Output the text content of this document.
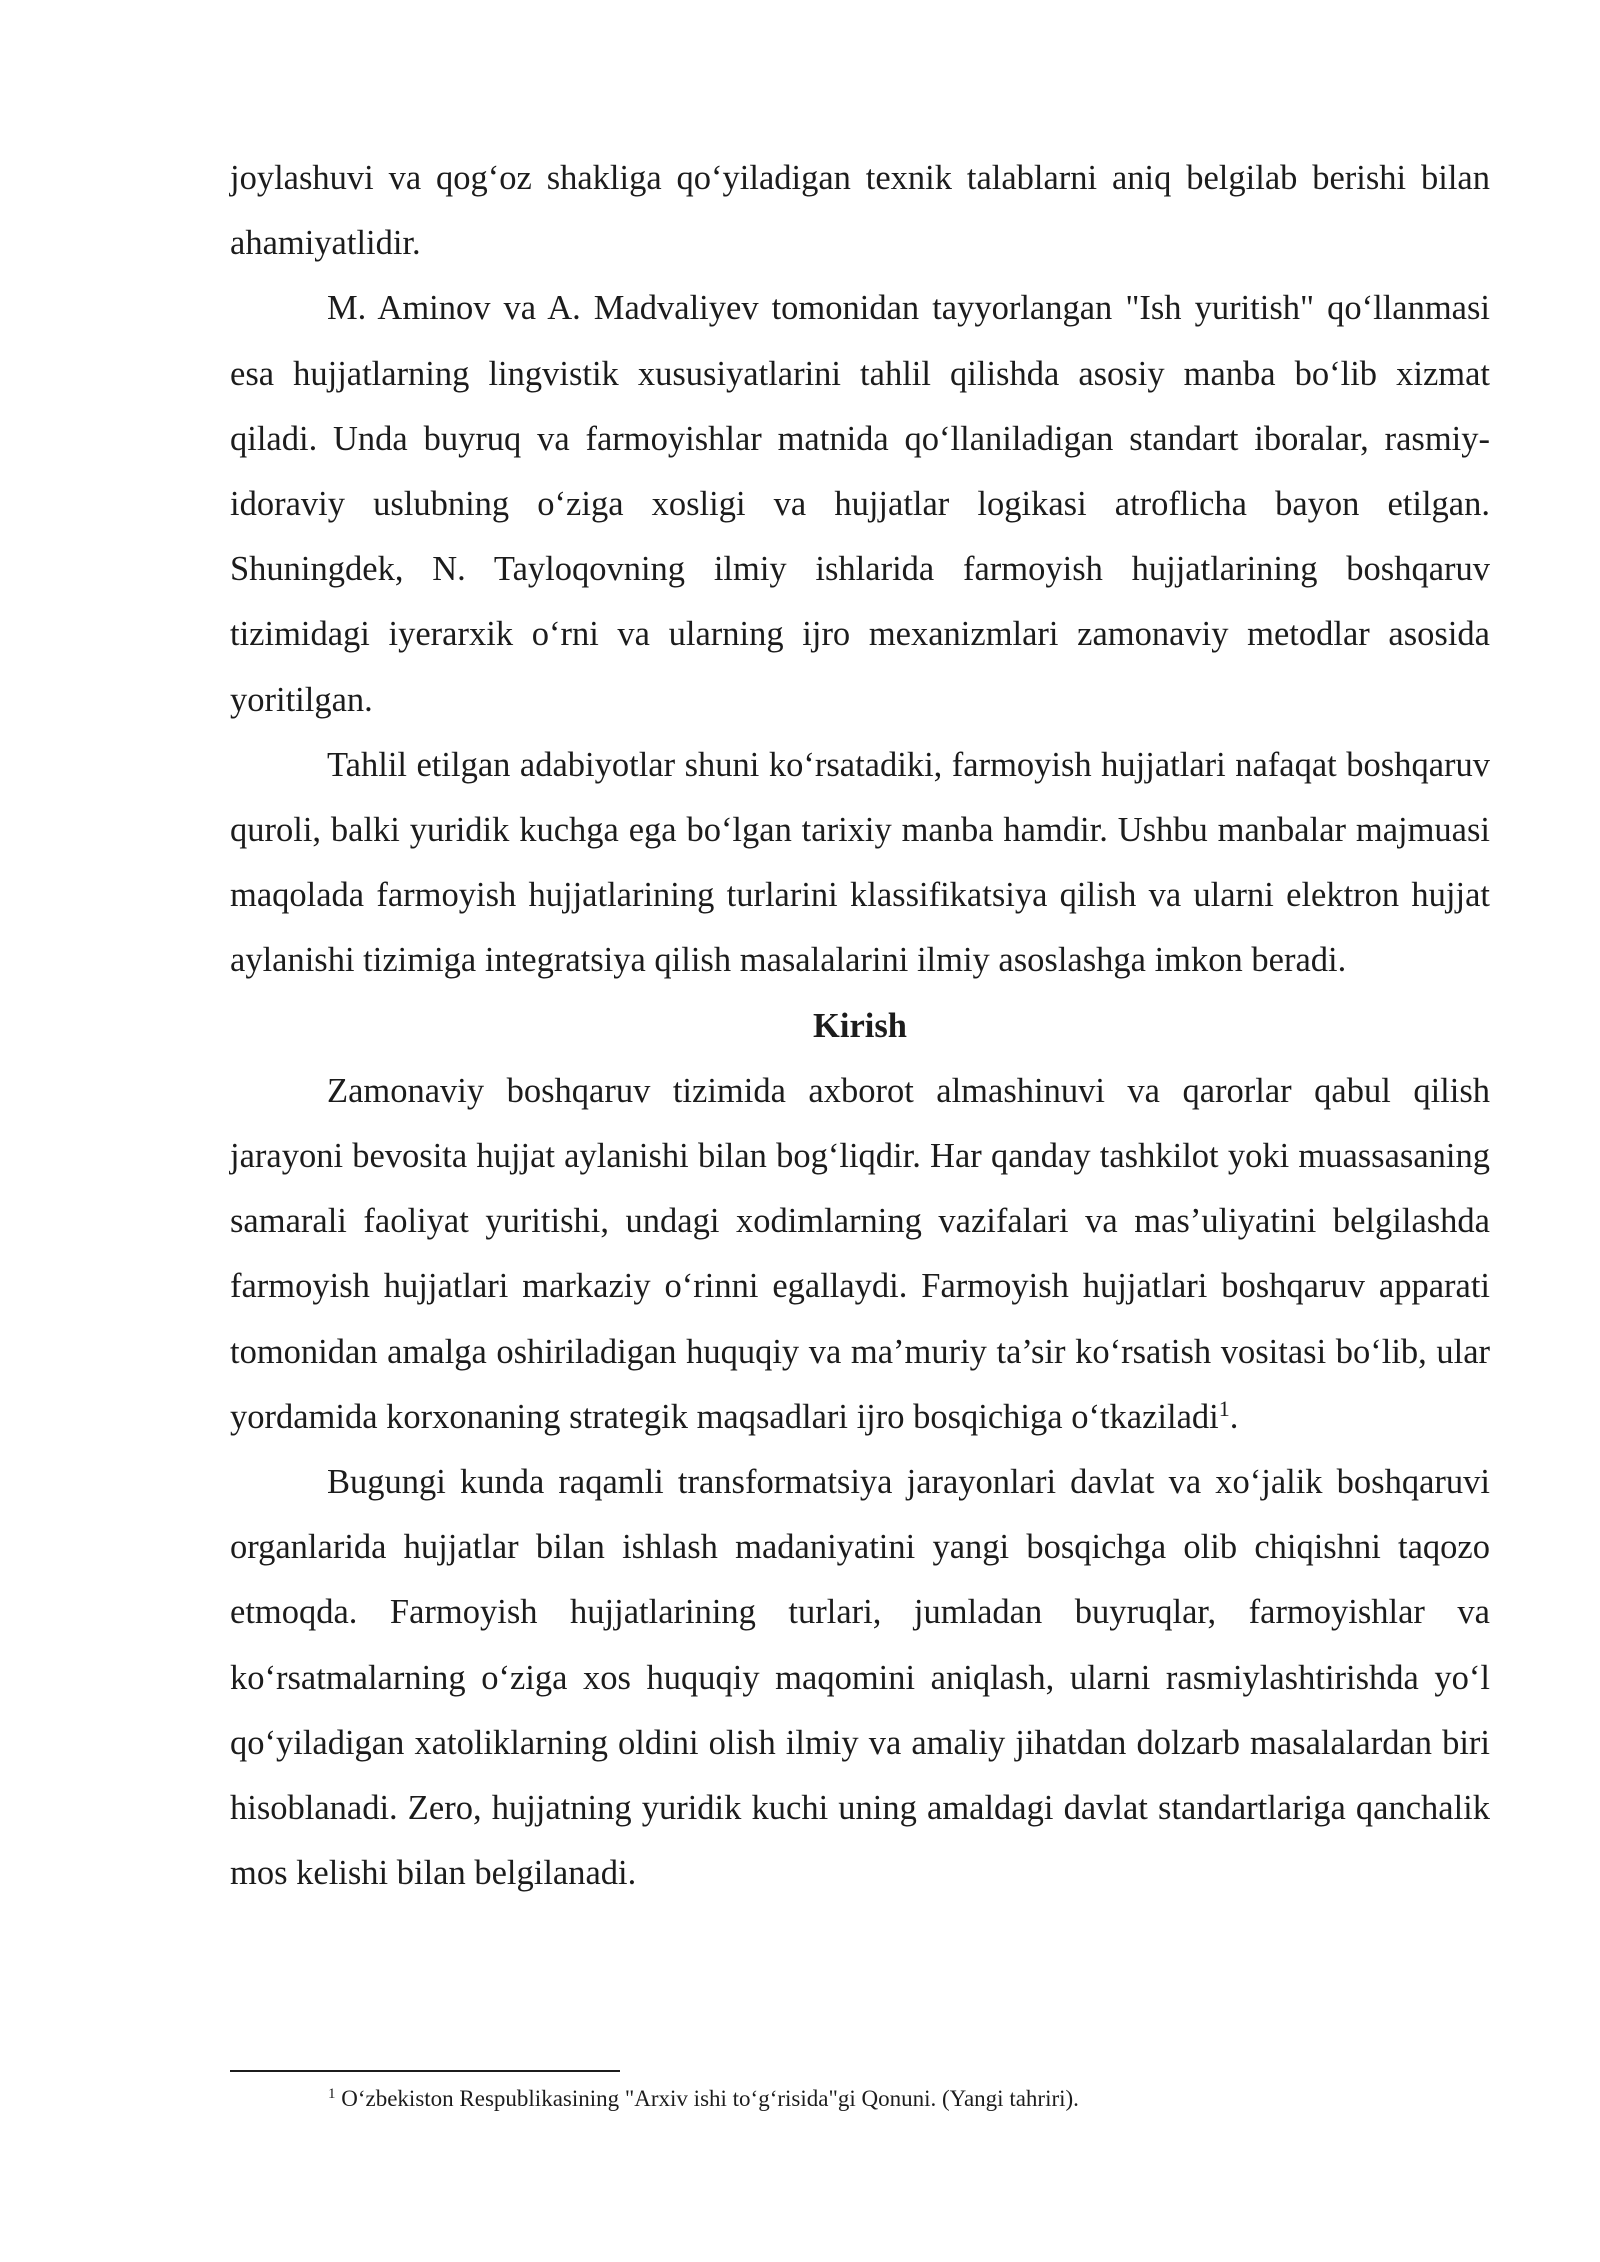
joylashuvi va qog‘oz shakliga qo‘yiladigan texnik talablarni aniq belgilab berishi bilan ahamiyatlidir.

M. Aminov va A. Madvaliyev tomonidan tayyorlangan "Ish yuritish" qo‘llanmasi esa hujjatlarning lingvistik xususiyatlarini tahlil qilishda asosiy manba bo‘lib xizmat qiladi. Unda buyruq va farmoyishlar matnida qo‘llaniladigan standart iboralar, rasmiy-idoraviy uslubning o‘ziga xosligi va hujjatlar logikasi atroflicha bayon etilgan. Shuningdek, N. Tayloqovning ilmiy ishlarida farmoyish hujjatlarining boshqaruv tizimidagi iyerarxik o‘rni va ularning ijro mexanizmlari zamonaviy metodlar asosida yoritilgan.

Tahlil etilgan adabiyotlar shuni ko‘rsatadiki, farmoyish hujjatlari nafaqat boshqaruv quroli, balki yuridik kuchga ega bo‘lgan tarixiy manba hamdir. Ushbu manbalar majmuasi maqolada farmoyish hujjatlarining turlarini klassifikatsiya qilish va ularni elektron hujjat aylanishi tizimiga integratsiya qilish masalalarini ilmiy asoslashga imkon beradi.

Kirish

Zamonaviy boshqaruv tizimida axborot almashinuvi va qarorlar qabul qilish jarayoni bevosita hujjat aylanishi bilan bog‘liqdir. Har qanday tashkilot yoki muassasaning samarali faoliyat yuritishi, undagi xodimlarning vazifalari va mas’uliyatini belgilashda farmoyish hujjatlari markaziy o‘rinni egallaydi. Farmoyish hujjatlari boshqaruv apparati tomonidan amalga oshiriladigan huquqiy va ma’muriy ta’sir ko‘rsatish vositasi bo‘lib, ular yordamida korxonaning strategik maqsadlari ijro bosqichiga o‘tkaziladi$^1$.

Bugungi kunda raqamli transformatsiya jarayonlari davlat va xo‘jalik boshqaruvi organlarida hujjatlar bilan ishlash madaniyatini yangi bosqichga olib chiqishni taqozo etmoqda. Farmoyish hujjatlarining turlari, jumladan buyruqlar, farmoyishlar va ko‘rsatmalarning o‘ziga xos huquqiy maqomini aniqlash, ularni rasmiylashtirishda yo‘l qo‘yiladigan xatoliklarning oldini olish ilmiy va amaliy jihatdan dolzarb masalalardan biri hisoblanadi. Zero, hujjatning yuridik kuchi uning amaldagi davlat standartlariga qanchalik mos kelishi bilan belgilanadi.

$^1$ O‘zbekiston Respublikasining "Arxiv ishi to‘g‘risida"gi Qonuni. (Yangi tahriri).
